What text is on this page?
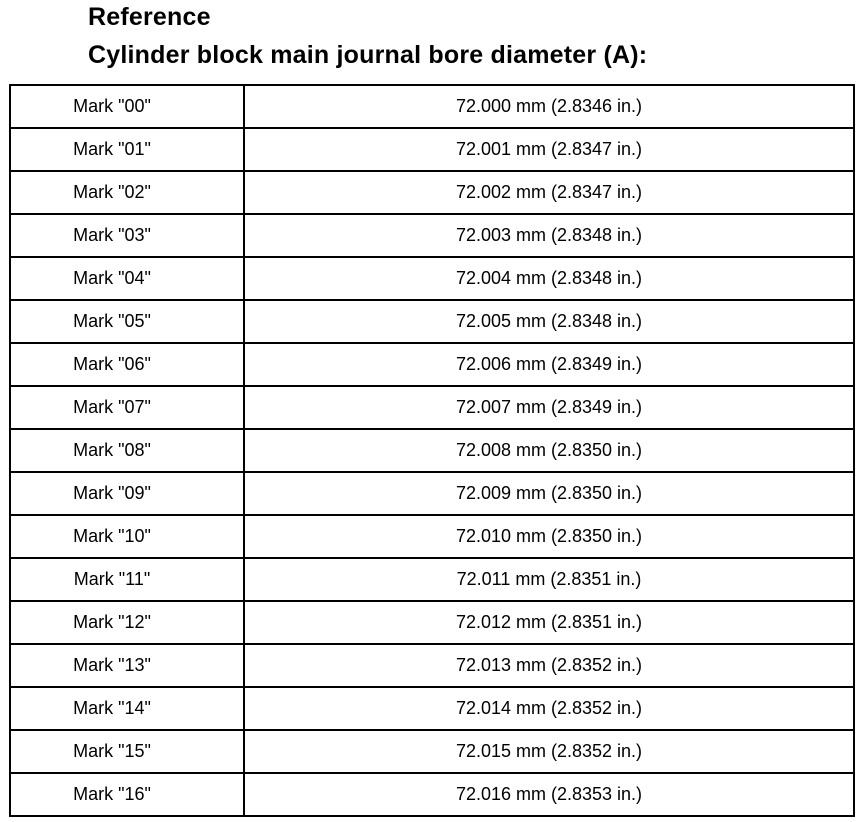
Reference
Cylinder block main journal bore diameter (A):
Mark "00"	72.000 mm (2.8346 in.)
Mark "01"	72.001 mm (2.8347 in.)
Mark "02"	72.002 mm (2.8347 in.)
Mark "03"	72.003 mm (2.8348 in.)
Mark "04"	72.004 mm (2.8348 in.)
Mark "05"	72.005 mm (2.8348 in.)
Mark "06"	72.006 mm (2.8349 in.)
Mark "07"	72.007 mm (2.8349 in.)
Mark "08"	72.008 mm (2.8350 in.)
Mark "09"	72.009 mm (2.8350 in.)
Mark "10"	72.010 mm (2.8350 in.)
Mark "11"	72.011 mm (2.8351 in.)
Mark "12"	72.012 mm (2.8351 in.)
Mark "13"	72.013 mm (2.8352 in.)
Mark "14"	72.014 mm (2.8352 in.)
Mark "15"	72.015 mm (2.8352 in.)
Mark "16"	72.016 mm (2.8353 in.)
